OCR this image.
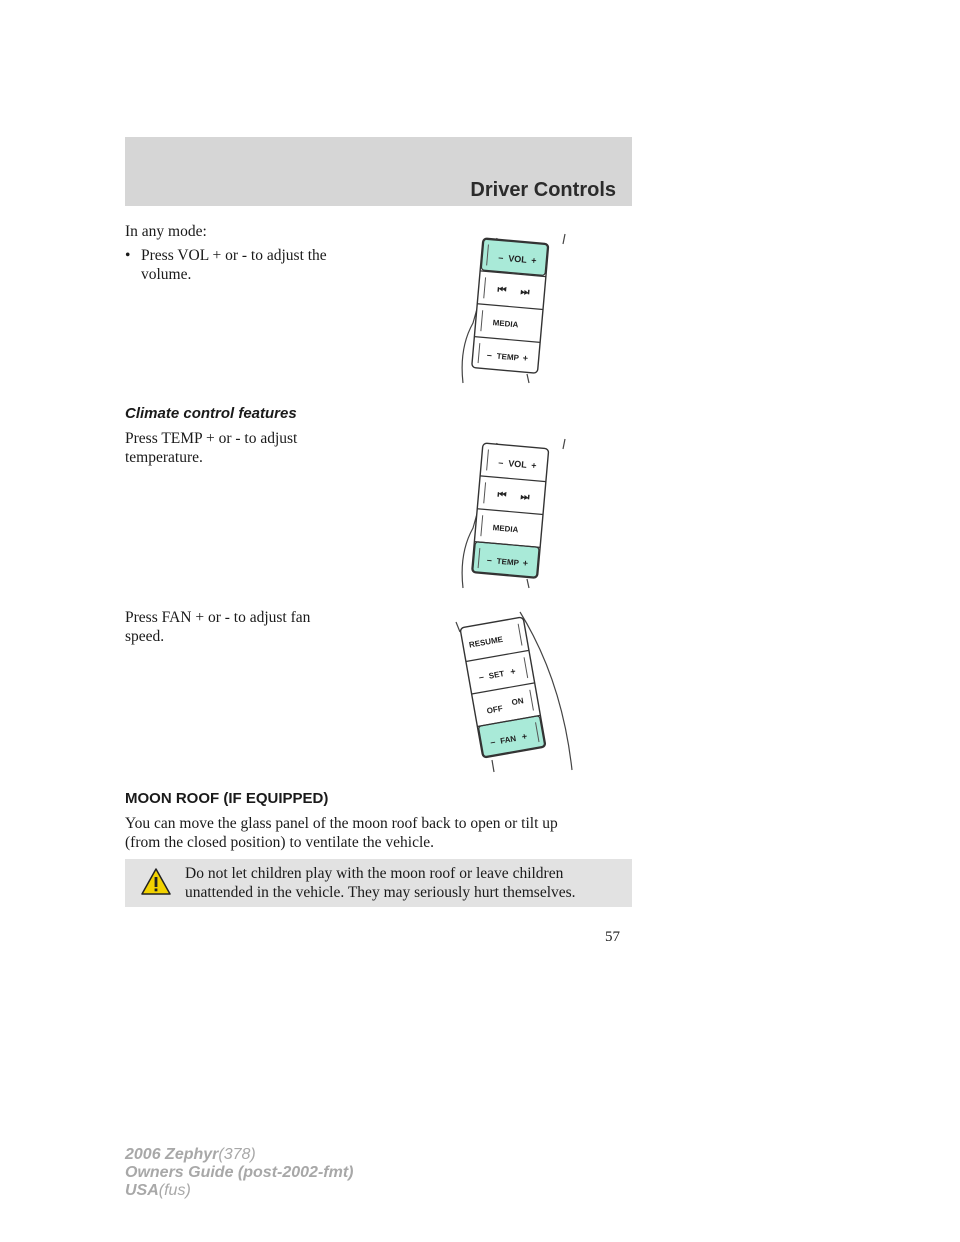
Driver Controls
In any mode:
• Press VOL + or - to adjust the
volume.
– VOL +
⏮ ⏭
MEDIA
– TEMP +
Climate control features
Press TEMP + or - to adjust
temperature.	– VOL +
⏮ ⏭
MEDIA
– TEMP +
Press FAN + or - to adjust fan
speed.	RESUME
– SET +
OFF
ON
– FAN +
MOON ROOF (IF EQUIPPED)
You can move the glass panel of the moon roof back to open or tilt up
(from the closed position) to ventilate the vehicle.
Do not let children play with the moon roof or leave children
unattended in the vehicle. They may seriously hurt themselves.
57
2006 Zephyr(378)
Owners Guide (post-2002-fmt)
USA(fus)
